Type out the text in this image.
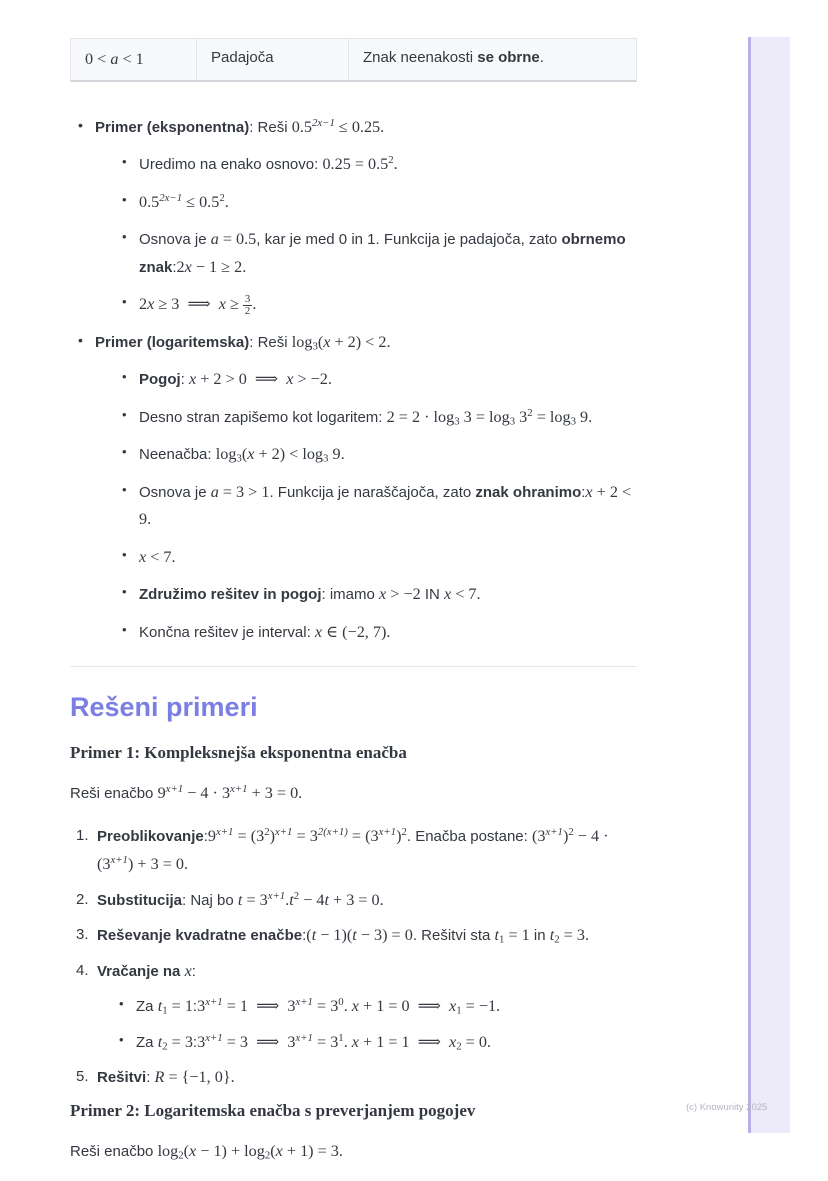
(c) Knowunity 2025
0 < a < 1	Padajoča	Znak neenakosti se obrne.
• Primer (eksponentna): Reši $0.5^{2x-1} \le 0.25$.
• Uredimo na enako osnovo: $0.25 = 0.5^2$.
• $0.5^{2x-1} \le 0.5^2$.
• Osnova je a = 0.5, kar je med 0 in 1. Funkcija je padajoča, zato obrnemo znak:2x − 1 ≥ 2.
• 2x ≥ 3 ⟹ $x \ge \frac{3}{2}$ .
• Primer (logaritemska): Reši $\log_3(x + 2) < 2$.
• Pogoj: x + 2 > 0 ⟹ x > −2.
• Desno stran zapišemo kot logaritem: $2 = 2 \cdot \log_3 3 = \log_3 3^2 = \log_3 9$.
• Neenačba: $\log_3(x + 2) < \log_3 9$.
• Osnova je a = 3 > 1. Funkcija je naraščajoča, zato znak ohranimo:x + 2 < 9.
• x < 7.
• Združimo rešitev in pogoj: imamo x > −2 IN x < 7.
• Končna rešitev je interval: x ∈ (−2, 7).
Rešeni primeri
Primer 1: Kompleksnejša eksponentna enačba

Reši enačbo $9^{x+1} - 4 \cdot 3^{x+1} + 3 = 0$.

$Preoblikovanje:9^{x+1} = (3^2)^{x+1} = 3^{2(x+1)} = (3^{x+1})^2$. Enačba postane: $(3^{x+1})^2 - 4 \cdot (3^{x+1}) + 3 = 0$.
Substitucija: Naj bo $t = 3^{x+1}.t^2 - 4t + 3 = 0$.
Reševanje kvadratne enačbe:(t − 1)(t − 3) = 0. Rešitvi sta $t_1 = 1$ in $t_2 = 3$.
Vračanje na x:
• Za $t_1$ = $1:3^{x+1} = 1$ ⟹ $3^{x+1} = 3^0$. x + 1 = 0 ⟹ $x_1 = -1$.
• Za $t_2$ = $3:3^{x+1} = 3$ ⟹ $3^{x+1} = 3^1$. x + 1 = 1 ⟹ $x_2 = 0$.
Rešitvi: R = {−1, 0}.
Primer 2: Logaritemska enačba s preverjanjem pogojev

Reši enačbo $\log_2(x - 1) + \log_2(x + 1) = 3$.
